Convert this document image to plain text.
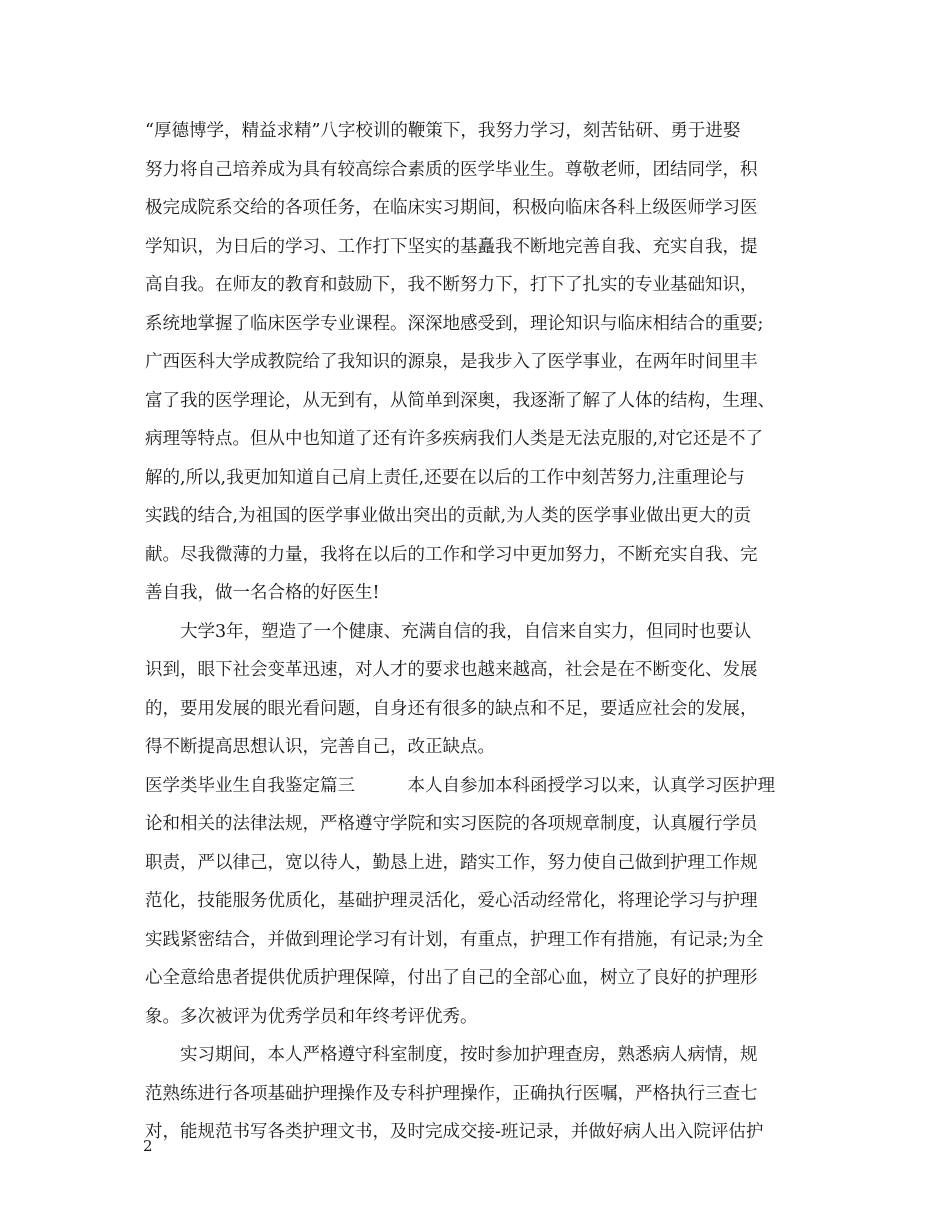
“厚德博学，精益求精”八字校训的鞭策下，我努力学习，刻苦钻研、勇于进娶
努力将自己培养成为具有较高综合素质的医学毕业生。尊敬老师，团结同学，积
极完成院系交给的各项任务，在临床实习期间，积极向临床各科上级医师学习医
学知识，为日后的学习、工作打下坚实的基矗我不断地完善自我、充实自我，提
高自我。在师友的教育和鼓励下，我不断努力下，打下了扎实的专业基础知识，
系统地掌握了临床医学专业课程。深深地感受到，理论知识与临床相结合的重要;
广西医科大学成教院给了我知识的源泉，是我步入了医学事业，在两年时间里丰
富了我的医学理论，从无到有，从简单到深奥，我逐渐了解了人体的结构，生理、
病理等特点。但从中也知道了还有许多疾病我们人类是无法克服的,对它还是不了
解的,所以,我更加知道自己肩上责任,还要在以后的工作中刻苦努力,注重理论与
实践的结合,为祖国的医学事业做出突出的贡献,为人类的医学事业做出更大的贡
献。尽我微薄的力量，我将在以后的工作和学习中更加努力，不断充实自我、完
善自我，做一名合格的好医生!
　　大学3年，塑造了一个健康、充满自信的我，自信来自实力，但同时也要认
识到，眼下社会变革迅速，对人才的要求也越来越高，社会是在不断变化、发展
的，要用发展的眼光看问题，自身还有很多的缺点和不足，要适应社会的发展，
得不断提高思想认识，完善自己，改正缺点。
医学类毕业生自我鉴定篇三　　　本人自参加本科函授学习以来，认真学习医护理
论和相关的法律法规，严格遵守学院和实习医院的各项规章制度，认真履行学员
职责，严以律己，宽以待人，勤恳上进，踏实工作，努力使自己做到护理工作规
范化，技能服务优质化，基础护理灵活化，爱心活动经常化，将理论学习与护理
实践紧密结合，并做到理论学习有计划，有重点，护理工作有措施，有记录;为全
心全意给患者提供优质护理保障，付出了自己的全部心血，树立了良好的护理形
象。多次被评为优秀学员和年终考评优秀。
　　实习期间，本人严格遵守科室制度，按时参加护理查房，熟悉病人病情，规
范熟练进行各项基础护理操作及专科护理操作，正确执行医嘱，严格执行三查七
对，能规范书写各类护理文书，及时完成交接-班记录，并做好病人出入院评估护
2
